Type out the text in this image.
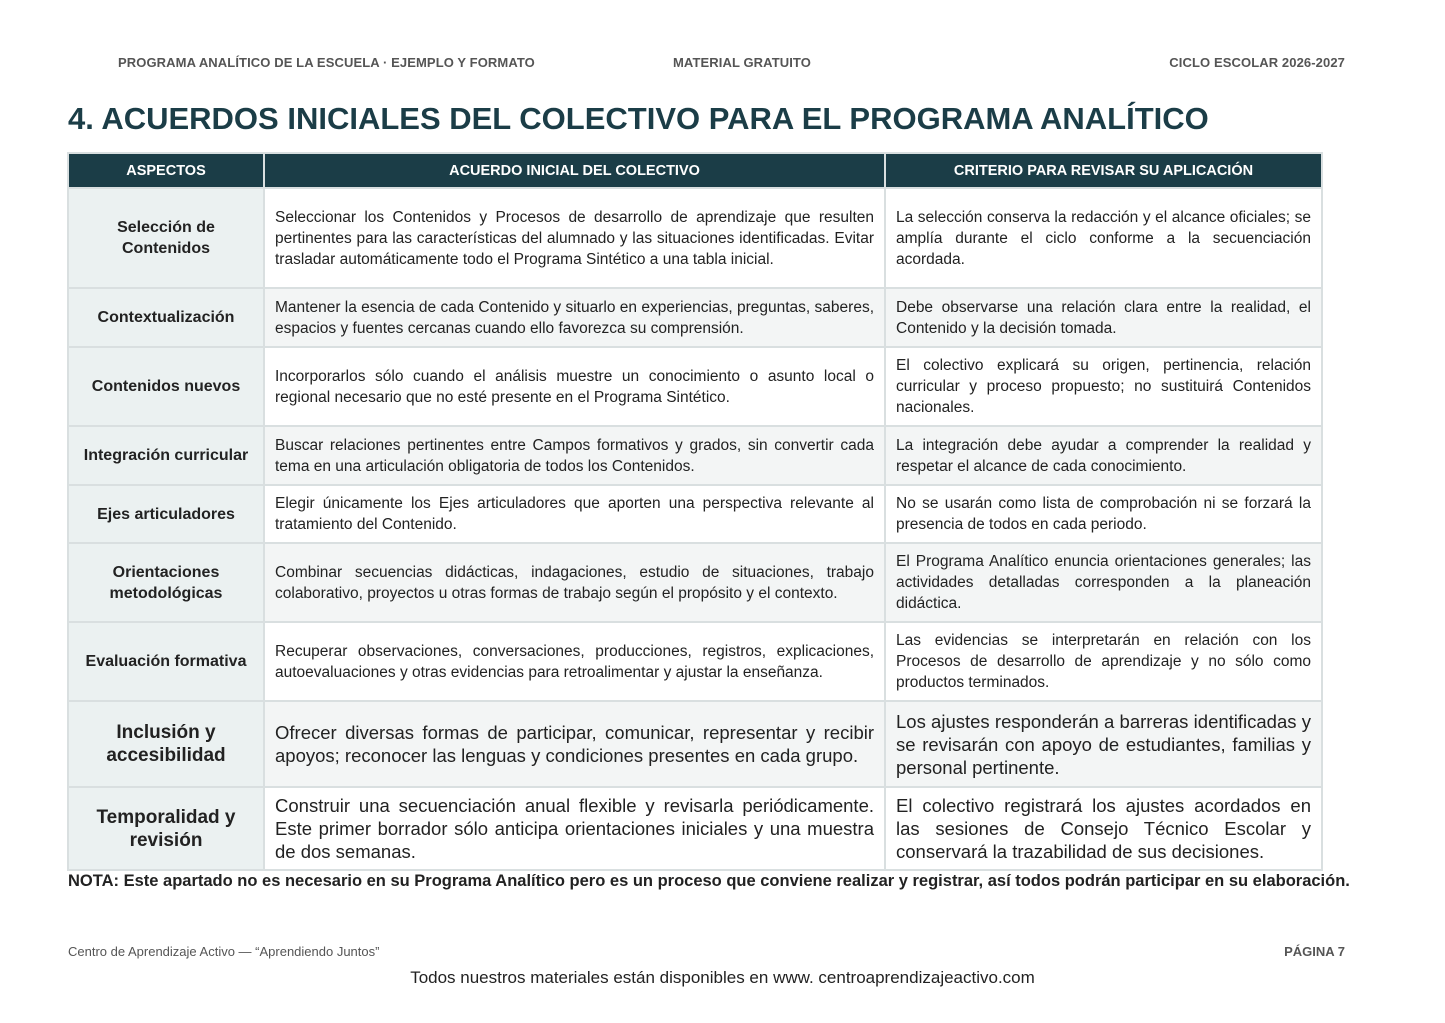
PROGRAMA ANALÍTICO DE LA ESCUELA · EJEMPLO Y FORMATO	MATERIAL GRATUITO	CICLO ESCOLAR 2026-2027
4. ACUERDOS INICIALES DEL COLECTIVO PARA EL PROGRAMA ANALÍTICO
ASPECTOS	ACUERDO INICIAL DEL COLECTIVO	CRITERIO PARA REVISAR SU APLICACIÓN
Selección de Contenidos	Seleccionar los Contenidos y Procesos de desarrollo de aprendizaje que resulten pertinentes para las características del alumnado y las situaciones identificadas. Evitar trasladar automáticamente todo el Programa Sintético a una tabla inicial.	La selección conserva la redacción y el alcance oficiales; se amplía durante el ciclo conforme a la secuenciación acordada.
Contextualización	Mantener la esencia de cada Contenido y situarlo en experiencias, preguntas, saberes, espacios y fuentes cercanas cuando ello favorezca su comprensión.	Debe observarse una relación clara entre la realidad, el Contenido y la decisión tomada.
Contenidos nuevos	Incorporarlos sólo cuando el análisis muestre un conocimiento o asunto local o regional necesario que no esté presente en el Programa Sintético.	El colectivo explicará su origen, pertinencia, relación curricular y proceso propuesto; no sustituirá Contenidos nacionales.
Integración curricular	Buscar relaciones pertinentes entre Campos formativos y grados, sin convertir cada tema en una articulación obligatoria de todos los Contenidos.	La integración debe ayudar a comprender la realidad y respetar el alcance de cada conocimiento.
Ejes articuladores	Elegir únicamente los Ejes articuladores que aporten una perspectiva relevante al tratamiento del Contenido.	No se usarán como lista de comprobación ni se forzará la presencia de todos en cada periodo.
Orientaciones metodológicas	Combinar secuencias didácticas, indagaciones, estudio de situaciones, trabajo colaborativo, proyectos u otras formas de trabajo según el propósito y el contexto.	El Programa Analítico enuncia orientaciones generales; las actividades detalladas corresponden a la planeación didáctica.
Evaluación formativa	Recuperar observaciones, conversaciones, producciones, registros, explicaciones, autoevaluaciones y otras evidencias para retroalimentar y ajustar la enseñanza.	Las evidencias se interpretarán en relación con los Procesos de desarrollo de aprendizaje y no sólo como productos terminados.
Inclusión y accesibilidad	Ofrecer diversas formas de participar, comunicar, representar y recibir apoyos; reconocer las lenguas y condiciones presentes en cada grupo.	Los ajustes responderán a barreras identificadas y se revisarán con apoyo de estudiantes, familias y personal pertinente.
Temporalidad y revisión	Construir una secuenciación anual flexible y revisarla periódicamente. Este primer borrador sólo anticipa orientaciones iniciales y una muestra de dos semanas.	El colectivo registrará los ajustes acordados en las sesiones de Consejo Técnico Escolar y conservará la trazabilidad de sus decisiones.
NOTA: Este apartado no es necesario en su Programa Analítico pero es un proceso que conviene realizar y registrar, así todos podrán participar en su elaboración.
Centro de Aprendizaje Activo — “Aprendiendo Juntos”	PÁGINA 7
Todos nuestros materiales están disponibles en www. centroaprendizajeactivo.com
